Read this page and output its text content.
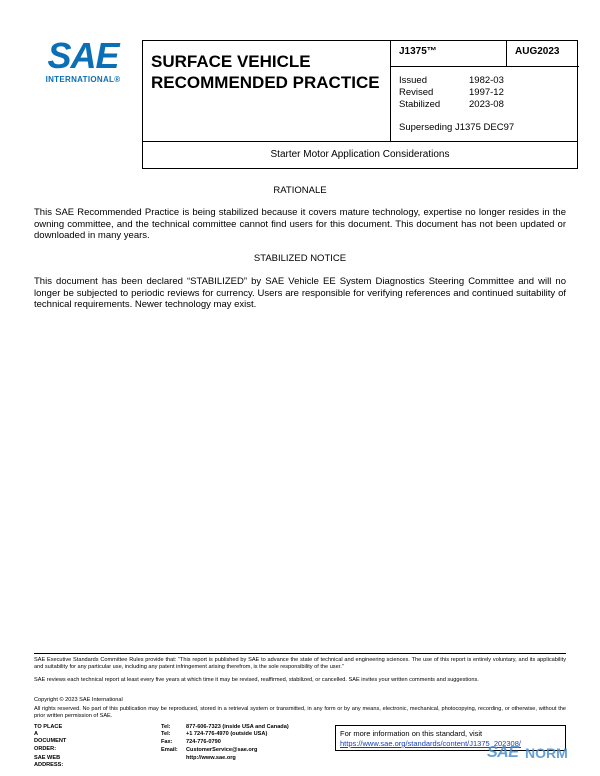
SAE
INTERNATIONAL®
SURFACE VEHICLE
RECOMMENDED PRACTICE
J1375™	AUG2023
Issued	1982-03
Revised	1997-12
Stabilized	2023-08
Superseding J1375 DEC97
Starter Motor Application Considerations
RATIONALE
This SAE Recommended Practice is being stabilized because it covers mature technology, expertise no longer resides in the owning committee, and the technical committee cannot find users for this document. This document has not been updated or downloaded in many years.
STABILIZED NOTICE
This document has been declared “STABILIZED” by SAE Vehicle EE System Diagnostics Steering Committee and will no longer be subjected to periodic reviews for currency. Users are responsible for verifying references and continued suitability of technical requirements. Newer technology may exist.
SAE Executive Standards Committee Rules provide that: “This report is published by SAE to advance the state of technical and engineering sciences. The use of this report is entirely voluntary, and its applicability and suitability for any particular use, including any patent infringement arising therefrom, is the sole responsibility of the user.”
SAE reviews each technical report at least every five years at which time it may be revised, reaffirmed, stabilized, or cancelled. SAE invites your written comments and suggestions.
Copyright © 2023 SAE International
All rights reserved. No part of this publication may be reproduced, stored in a retrieval system or transmitted, in any form or by any means, electronic, mechanical, photocopying, recording, or otherwise, without the prior written permission of SAE.
TO PLACE A DOCUMENT ORDER:
Tel:	877-606-7323 (inside USA and Canada)
Tel:	+1 724-776-4970 (outside USA)
Fax: 724-776-0790
Email: CustomerService@sae.org
SAE WEB ADDRESS:
http://www.sae.org
For more information on this standard, visit
https://www.sae.org/standards/content/J1375_202308/
SAE NORM
